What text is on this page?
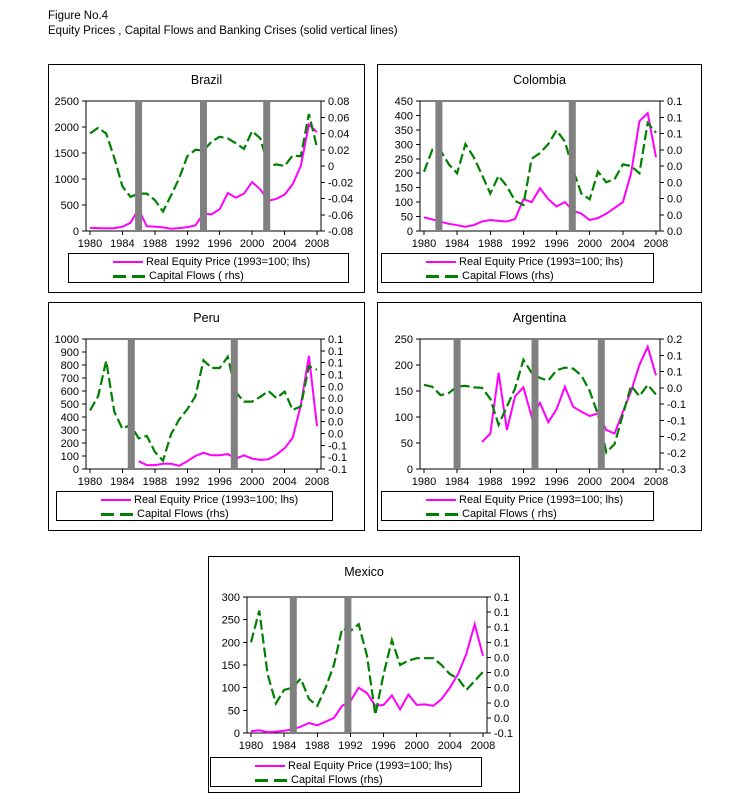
Figure No.4
Equity Prices , Capital Flows and Banking Crises (solid vertical lines)
2500
2000
1500
1000
500
0
0.08
0.06
0.04
0.02
0
-0.02
-0.04
-0.06
-0.08
1980 1984 1988 1992 1996 2000 2004 2008
Brazil
Real Equity Price (1993=100; lhs)
Capital Flows ( rhs)
450
400
350
300
250
200
150
100
50
0
0.1
0.1
0.1
0.0
0.0
0.0
0.0
0.0
0.0
1980 1984 1988 1992 1996 2000 2004 2008
Colombia
Real Equity Price (1993=100; lhs)
Capital Flows (rhs)
1000
900
800
700
600
500
400
300
200
100
0
0.1
0.1
0.1
0.1
0.0
0.0
0.0
0.0
0.0
-0.1
-0.1
-0.1
1980 1984 1988 1992 1996 2000 2004 2008
Peru
Real Equity Price (1993=100; lhs)
Capital Flows (rhs)
250
200
150
100
50
0
0.2
0.1
0.1
0.0
-0.1
-0.1
-0.2
-0.2
-0.3
1980 1984 1988 1992 1996 2000 2004 2008
Argentina
Real Equity Price (1993=100; lhs)
Capital Flows ( rhs)
300
250
200
150
100
50
0
0.1
0.1
0.1
0.1
0.0
0.0
0.0
0.0
0.0
-0.1
1980 1984 1988 1992 1996 2000 2004 2008
Mexico
Real Equity Price (1993=100; lhs)
Capital Flows (rhs)
